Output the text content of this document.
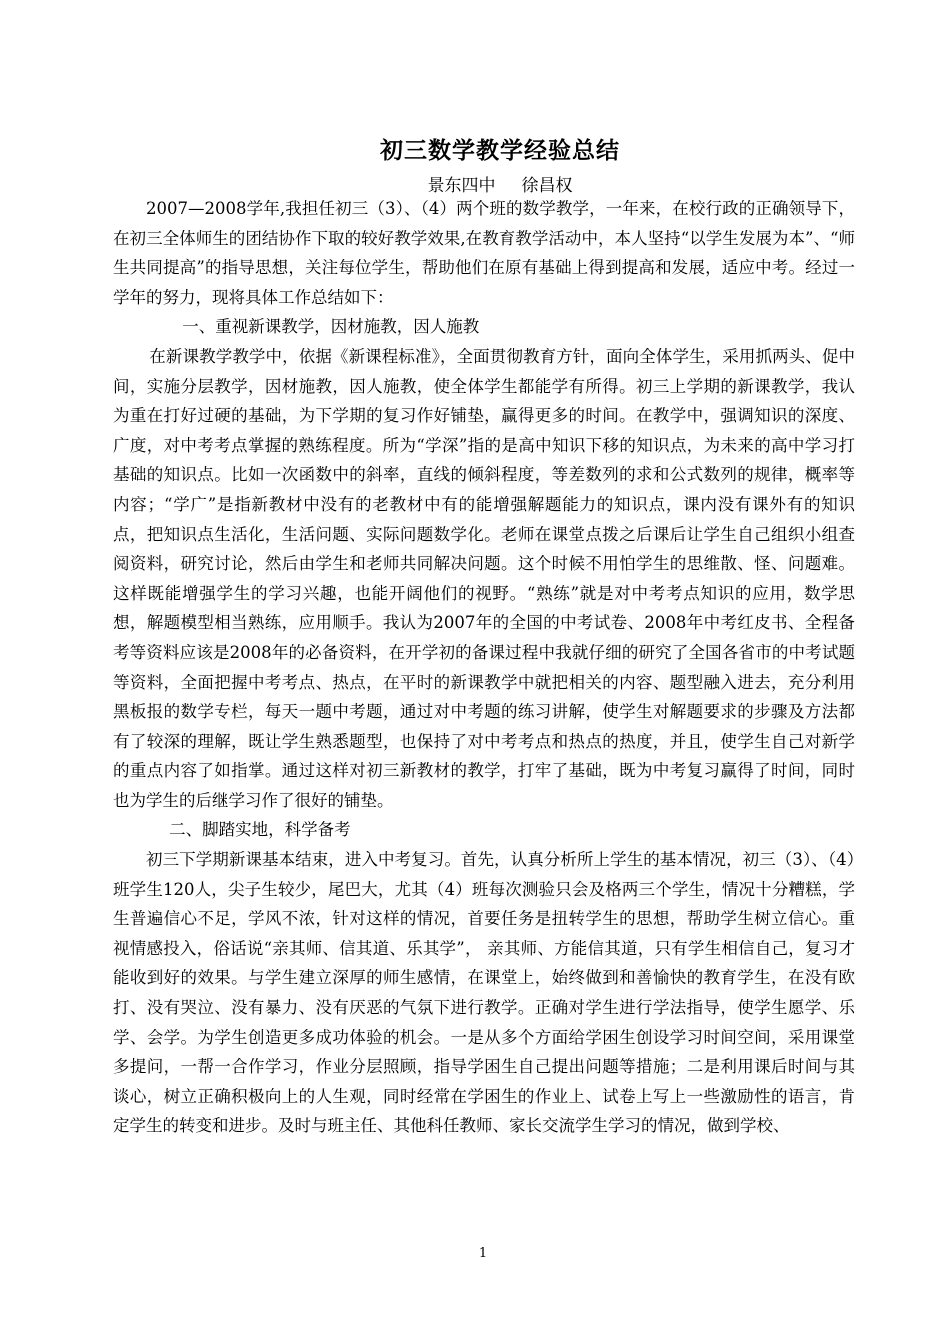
初三数学教学经验总结
景东四中 徐昌权

2007—2008学年,我担任初三（3）、（4）两个班的数学教学，一年来，在校行政的正确领导下，在初三全体师生的团结协作下取的较好教学效果,在教育教学活动中，本人坚持“以学生发展为本”、“师生共同提高”的指导思想，关注每位学生，帮助他们在原有基础上得到提高和发展，适应中考。经过一学年的努力，现将具体工作总结如下：

一、重视新课教学，因材施教，因人施教

在新课教学教学中，依据《新课程标准》，全面贯彻教育方针，面向全体学生，采用抓两头、促中间，实施分层教学，因材施教，因人施教，使全体学生都能学有所得。初三上学期的新课教学，我认为重在打好过硬的基础，为下学期的复习作好铺垫，赢得更多的时间。在教学中，强调知识的深度、广度，对中考考点掌握的熟练程度。所为“学深”指的是高中知识下移的知识点，为未来的高中学习打基础的知识点。比如一次函数中的斜率，直线的倾斜程度，等差数列的求和公式数列的规律，概率等内容；“学广”是指新教材中没有的老教材中有的能增强解题能力的知识点，课内没有课外有的知识点，把知识点生活化，生活问题、实际问题数学化。老师在课堂点拨之后课后让学生自己组织小组查阅资料，研究讨论，然后由学生和老师共同解决问题。这个时候不用怕学生的思维散、怪、问题难。这样既能增强学生的学习兴趣，也能开阔他们的视野。“熟练”就是对中考考点知识的应用，数学思想，解题模型相当熟练，应用顺手。我认为2007年的全国的中考试卷、2008年中考红皮书、全程备考等资料应该是2008年的必备资料，在开学初的备课过程中我就仔细的研究了全国各省市的中考试题等资料，全面把握中考考点、热点，在平时的新课教学中就把相关的内容、题型融入进去，充分利用黑板报的数学专栏，每天一题中考题，通过对中考题的练习讲解，使学生对解题要求的步骤及方法都有了较深的理解，既让学生熟悉题型，也保持了对中考考点和热点的热度，并且，使学生自己对新学的重点内容了如指掌。通过这样对初三新教材的教学，打牢了基础，既为中考复习赢得了时间，同时也为学生的后继学习作了很好的铺垫。

二、脚踏实地，科学备考

初三下学期新课基本结束，进入中考复习。首先，认真分析所上学生的基本情况，初三（3）、（4）班学生120人，尖子生较少，尾巴大，尤其（4）班每次测验只会及格两三个学生，情况十分糟糕，学生普遍信心不足，学风不浓，针对这样的情况，首要任务是扭转学生的思想，帮助学生树立信心。重视情感投入，俗话说“亲其师、信其道、乐其学”， 亲其师、方能信其道，只有学生相信自己，复习才能收到好的效果。与学生建立深厚的师生感情，在课堂上，始终做到和善愉快的教育学生，在没有欧打、没有哭泣、没有暴力、没有厌恶的气氛下进行教学。正确对学生进行学法指导，使学生愿学、乐学、会学。为学生创造更多成功体验的机会。一是从多个方面给学困生创设学习时间空间，采用课堂多提问，一帮一合作学习，作业分层照顾，指导学困生自己提出问题等措施；二是利用课后时间与其谈心，树立正确积极向上的人生观，同时经常在学困生的作业上、试卷上写上一些激励性的语言，肯定学生的转变和进步。及时与班主任、其他科任教师、家长交流学生学习的情况，做到学校、

1
